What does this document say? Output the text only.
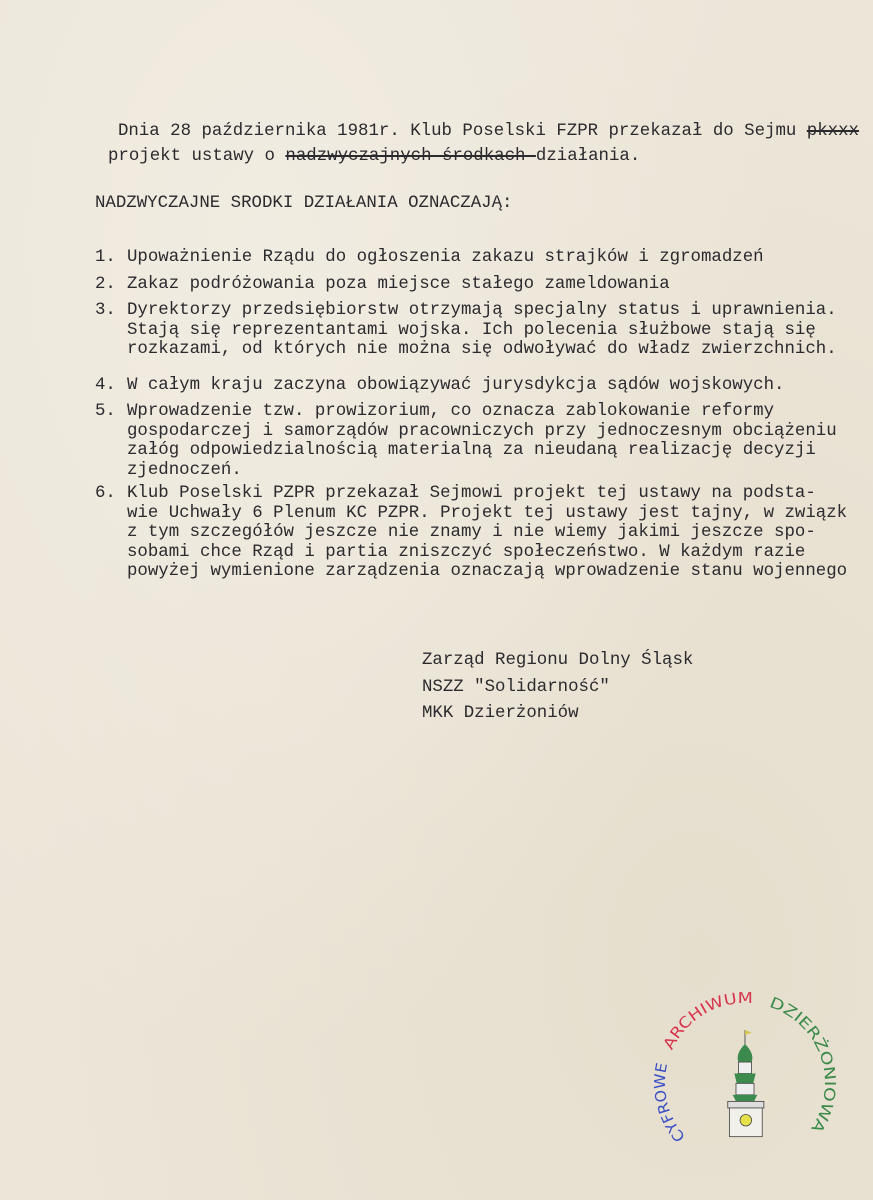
Dnia 28 października 1981r. Klub Poselski FZPR przekazał do Sejmu pkxxx
projekt ustawy o nadzwyczajnych środkach działania.
NADZWYCZAJNE SRODKI DZIAŁANIA OZNACZAJĄ:
1. Upoważnienie Rządu do ogłoszenia zakazu strajków i zgromadzeń
2. Zakaz podróżowania poza miejsce stałego zameldowania
3. Dyrektorzy przedsiębiorstw otrzymają specjalny status i uprawnienia.
Stają się reprezentantami wojska. Ich polecenia służbowe stają się
rozkazami, od których nie można się odwoływać do władz zwierzchnich.
4. W całym kraju zaczyna obowiązywać jurysdykcja sądów wojskowych.
5. Wprowadzenie tzw. prowizorium, co oznacza zablokowanie reformy
gospodarczej i samorządów pracowniczych przy jednoczesnym obciążeniu
załóg odpowiedzialnością materialną za nieudaną realizację decyzji
zjednoczeń.
6. Klub Poselski PZPR przekazał Sejmowi projekt tej ustawy na podsta-
wie Uchwały 6 Plenum KC PZPR. Projekt tej ustawy jest tajny, w związk
z tym szczegółów jeszcze nie znamy i nie wiemy jakimi jeszcze spo-
sobami chce Rząd i partia zniszczyć społeczeństwo. W każdym razie
powyżej wymienione zarządzenia oznaczają wprowadzenie stanu wojennego
Zarząd Regionu Dolny Śląsk
NSZZ "Solidarność"
MKK Dzierżoniów
CYFROWE
ARCHIWUM DZIERŻONIOWA
